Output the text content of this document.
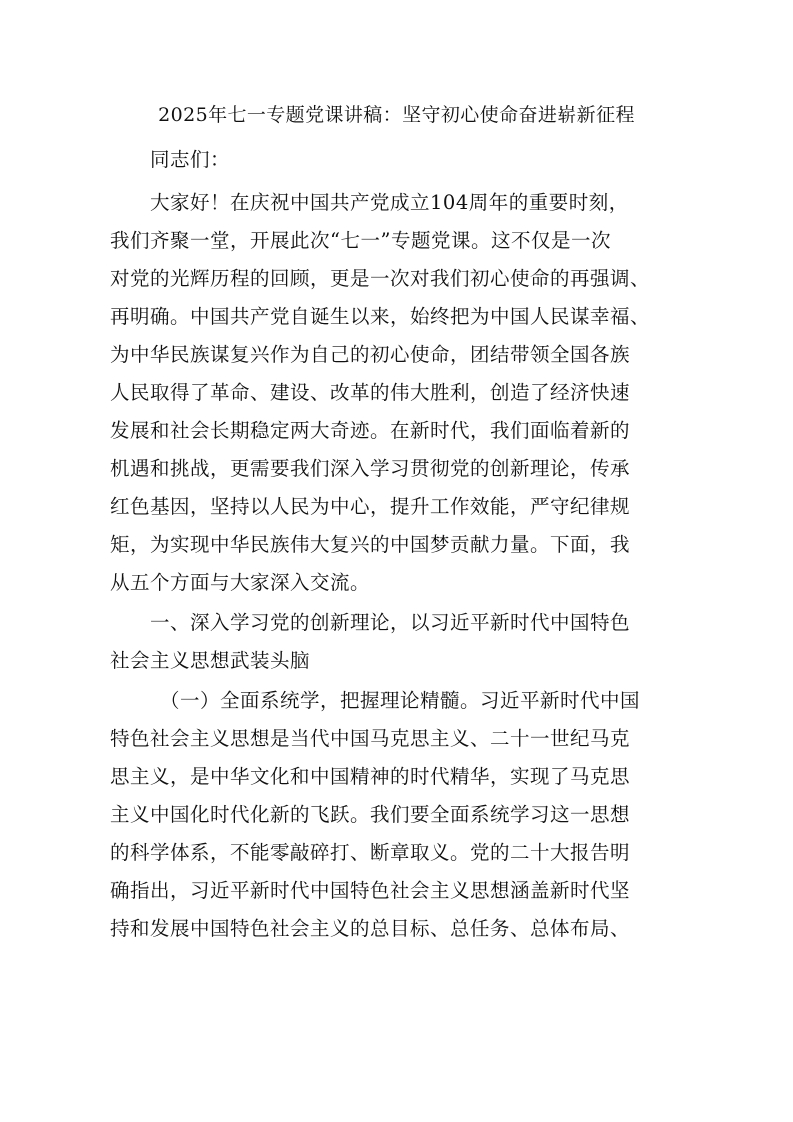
2025年七一专题党课讲稿：坚守初心使命奋进崭新征程
同志们：
大家好！在庆祝中国共产党成立104周年的重要时刻，
我们齐聚一堂，开展此次“七一”专题党课。这不仅是一次
对党的光辉历程的回顾，更是一次对我们初心使命的再强调、
再明确。中国共产党自诞生以来，始终把为中国人民谋幸福、
为中华民族谋复兴作为自己的初心使命，团结带领全国各族
人民取得了革命、建设、改革的伟大胜利，创造了经济快速
发展和社会长期稳定两大奇迹。在新时代，我们面临着新的
机遇和挑战，更需要我们深入学习贯彻党的创新理论，传承
红色基因，坚持以人民为中心，提升工作效能，严守纪律规
矩，为实现中华民族伟大复兴的中国梦贡献力量。下面，我
从五个方面与大家深入交流。
一、深入学习党的创新理论，以习近平新时代中国特色
社会主义思想武装头脑
（一）全面系统学，把握理论精髓。习近平新时代中国
特色社会主义思想是当代中国马克思主义、二十一世纪马克
思主义，是中华文化和中国精神的时代精华，实现了马克思
主义中国化时代化新的飞跃。我们要全面系统学习这一思想
的科学体系，不能零敲碎打、断章取义。党的二十大报告明
确指出，习近平新时代中国特色社会主义思想涵盖新时代坚
持和发展中国特色社会主义的总目标、总任务、总体布局、
